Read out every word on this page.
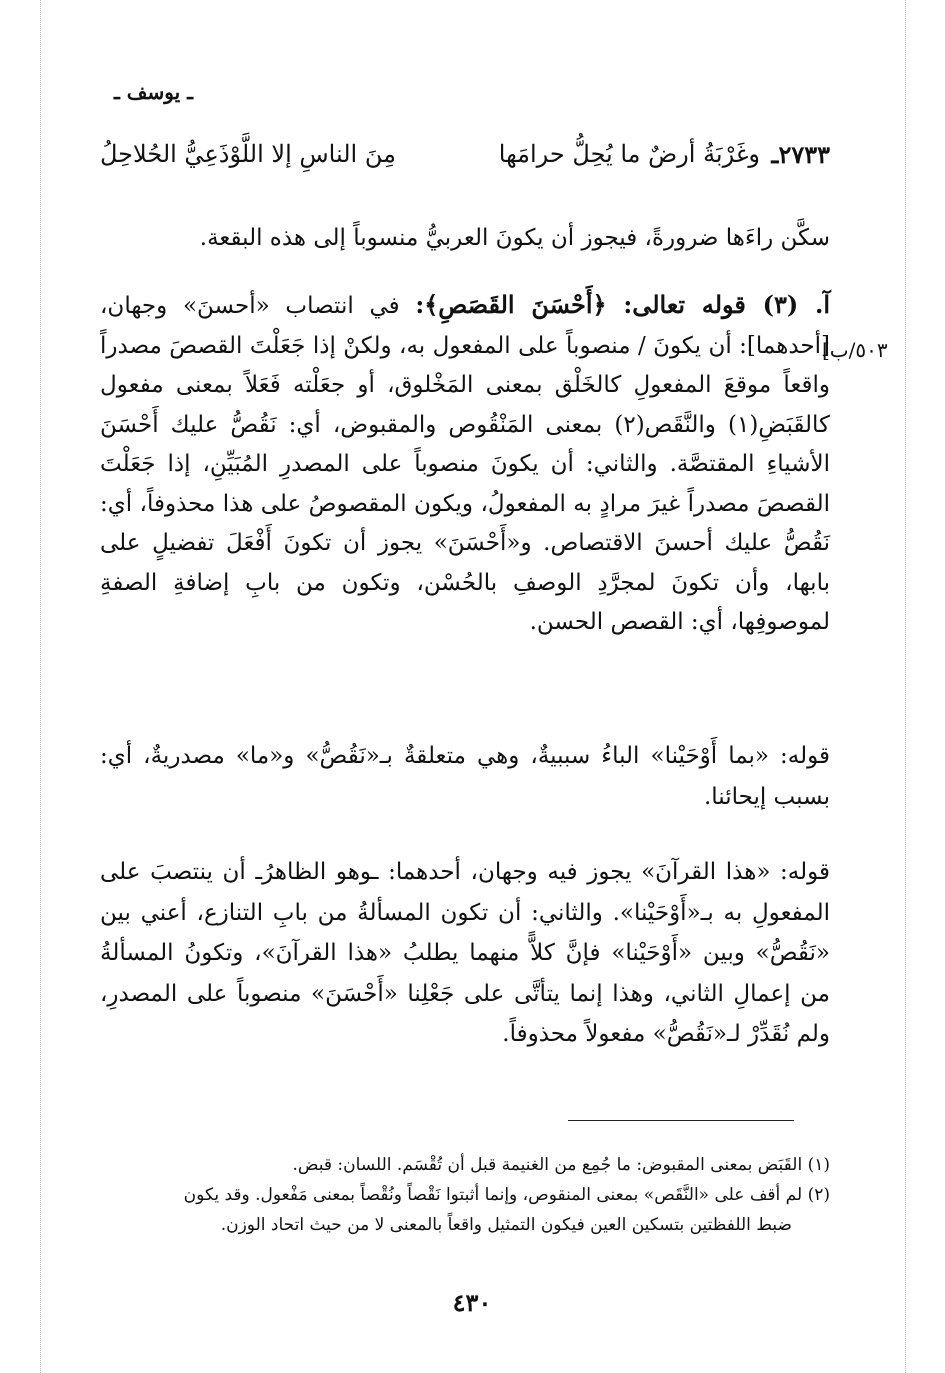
ـ يوسف ـ
٥٠٣/ب]
٢٧٣٣ـ
وغَرْبَةُ أرضٌ ما يُحِلُّ حرامَها
مِنَ الناسِ إلا اللَّوْذَعِيُّ الحُلاحِلُ
سكَّن راءَها ضرورةً، فيجوز أن يكونَ العربيُّ منسوباً إلى هذه البقعة.
آ. (٣) قوله تعالى: ﴿أَحْسَنَ القَصَصِ﴾: في انتصاب «أحسنَ» وجهان، [أحدهما]: أن يكونَ / منصوباً على المفعول به، ولكنْ إذا جَعَلْتَ القصصَ مصدراً واقعاً موقعَ المفعولِ كالخَلْق بمعنى المَخْلوق، أو جعَلْته فَعَلاً بمعنى مفعول كالقَبَضِ(١) والنَّقَص(٢) بمعنى المَنْقُوص والمقبوض، أي: نَقُصُّ عليك أَحْسَنَ الأشياءِ المقتصَّة. والثاني: أن يكونَ منصوباً على المصدرِ المُبَيِّنِ، إذا جَعَلْتَ القصصَ مصدراً غيرَ مرادٍ به المفعولُ، ويكون المقصوصُ على هذا محذوفاً، أي: نَقُصُّ عليك أحسنَ الاقتصاص. و«أَحْسَنَ» يجوز أن تكونَ أَفْعَلَ تفضيلٍ على بابها، وأن تكونَ لمجرَّدِ الوصفِ بالحُسْن، وتكون من بابِ إضافةِ الصفةِ لموصوفِها، أي: القصص الحسن.
قوله: «بما أَوْحَيْنا» الباءُ سببيةٌ، وهي متعلقةٌ بـ«نَقُصُّ» و«ما» مصدريةٌ، أي: بسبب إيحائنا.
قوله: «هذا القرآنَ» يجوز فيه وجهان، أحدهما: ـوهو الظاهرُـ أن ينتصبَ على المفعولِ به بـ«أَوْحَيْنا». والثاني: أن تكون المسألةُ من بابِ التنازع، أعني بين «نَقُصُّ» وبين «أَوْحَيْنا» فإنَّ كلاًّ منهما يطلبُ «هذا القرآنَ»، وتكونُ المسألةُ من إعمالِ الثاني، وهذا إنما يتأتَّى على جَعْلِنا «أَحْسَنَ» منصوباً على المصدرِ، ولم نُقَدِّرْ لـ«نَقُصُّ» مفعولاً محذوفاً.
(١) القَبَض بمعنى المقبوض: ما جُمِع من الغنيمة قبل أن تُقْسَم. اللسان: قبض.
(٢) لم أقف على «النَّقَص» بمعنى المنقوص، وإنما أثبتوا نَقْصاً ونُقْصاً بمعنى مَفْعول. وقد يكون
ضبط اللفظتين بتسكين العين فيكون التمثيل واقعاً بالمعنى لا من حيث اتحاد الوزن.
٤٣٠
